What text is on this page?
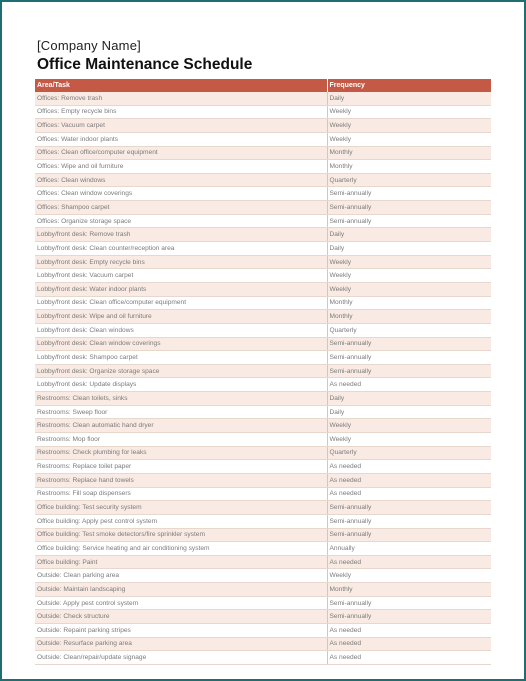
[Company Name]
Office Maintenance Schedule
Area/Task	Frequency
Offices: Remove trash	Daily
Offices: Empty recycle bins	Weekly
Offices: Vacuum carpet	Weekly
Offices: Water indoor plants	Weekly
Offices: Clean office/computer equipment	Monthly
Offices: Wipe and oil furniture	Monthly
Offices: Clean windows	Quarterly
Offices: Clean window coverings	Semi-annually
Offices: Shampoo carpet	Semi-annually
Offices: Organize storage space	Semi-annually
Lobby/front desk: Remove trash	Daily
Lobby/front desk: Clean counter/reception area	Daily
Lobby/front desk: Empty recycle bins	Weekly
Lobby/front desk: Vacuum carpet	Weekly
Lobby/front desk: Water indoor plants	Weekly
Lobby/front desk: Clean office/computer equipment	Monthly
Lobby/front desk: Wipe and oil furniture	Monthly
Lobby/front desk: Clean windows	Quarterly
Lobby/front desk: Clean window coverings	Semi-annually
Lobby/front desk: Shampoo carpet	Semi-annually
Lobby/front desk: Organize storage space	Semi-annually
Lobby/front desk: Update displays	As needed
Restrooms: Clean toilets, sinks	Daily
Restrooms: Sweep floor	Daily
Restrooms: Clean automatic hand dryer	Weekly
Restrooms: Mop floor	Weekly
Restrooms: Check plumbing for leaks	Quarterly
Restrooms: Replace toilet paper	As needed
Restrooms: Replace hand towels	As needed
Restrooms: Fill soap dispensers	As needed
Office building: Test security system	Semi-annually
Office building: Apply pest control system	Semi-annually
Office building: Test smoke detectors/fire sprinkler system	Semi-annually
Office building: Service heating and air conditioning system	Annually
Office building: Paint	As needed
Outside: Clean parking area	Weekly
Outside: Maintain landscaping	Monthly
Outside: Apply pest control system	Semi-annually
Outside: Check structure	Semi-annually
Outside: Repaint parking stripes	As needed
Outside: Resurface parking area	As needed
Outside: Clean/repair/update signage	As needed
